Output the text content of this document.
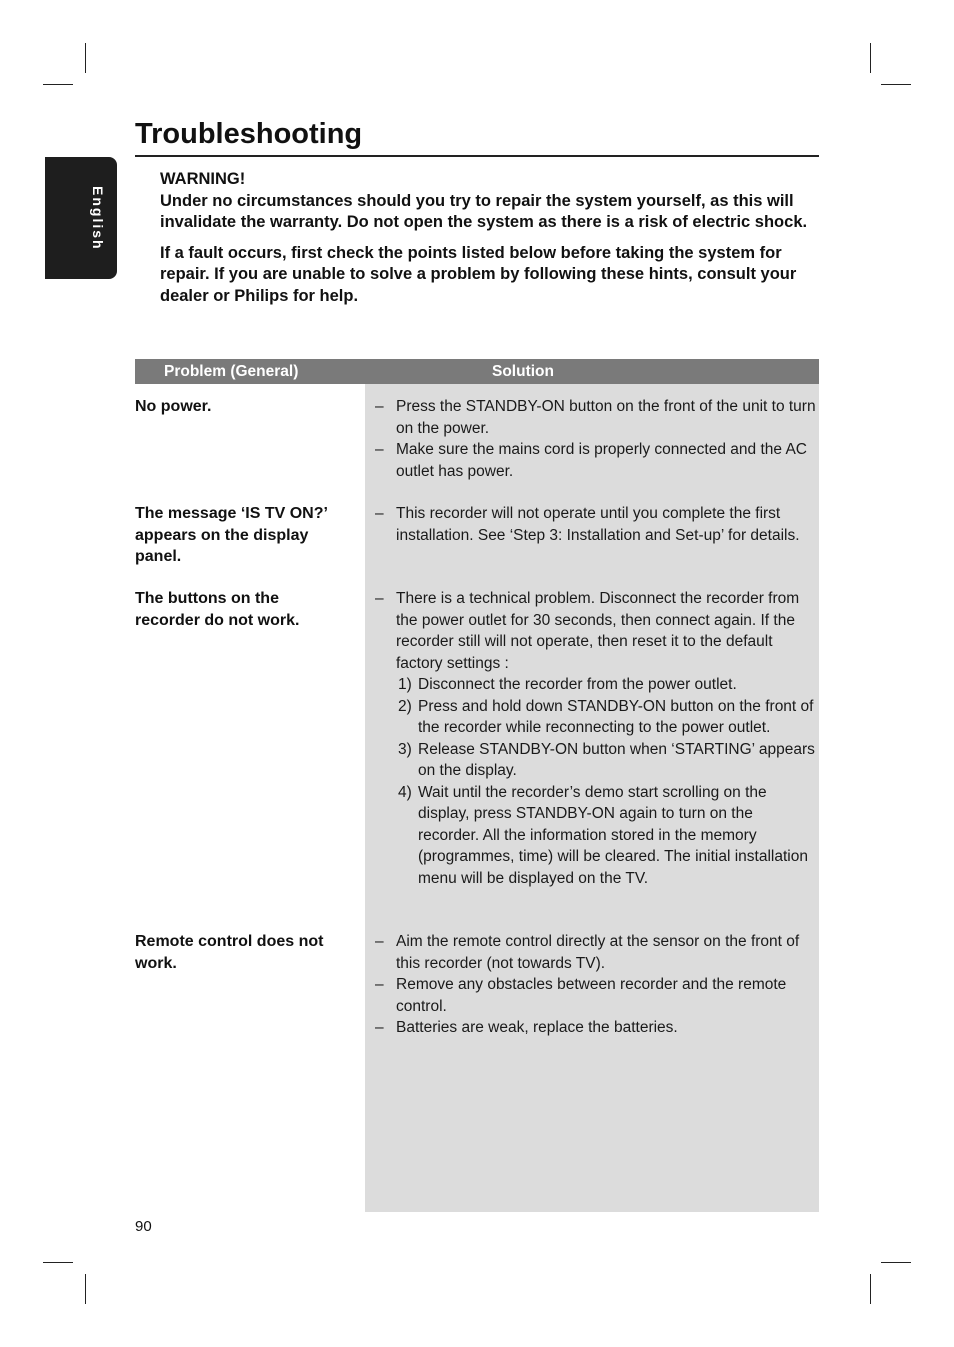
English
Troubleshooting

WARNING!

Under no circumstances should you try to repair the system yourself, as this will invalidate the warranty. Do not open the system as there is a risk of electric shock.

If a fault occurs, first check the points listed below before taking the system for repair. If you are unable to solve a problem by following these hints, consult your dealer or Philips for help.

Problem (General)	Solution

No power.

–	Press the STANDBY-ON button on the front of the unit to turn on the power.
– Make sure the mains cord is properly connected and the AC outlet has power.

The message ‘IS TV ON?’ appears on the display panel.

– This recorder will not operate until you complete the first installation. See ‘Step 3: Installation and Set-up’ for details.

The buttons on the recorder do not work.

– There is a technical problem. Disconnect the recorder from the power outlet for 30 seconds, then connect again. If the recorder still will not operate, then reset it to the default factory settings :
1) Disconnect the recorder from the power outlet.
2) Press and hold down STANDBY-ON button on the front of the recorder while reconnecting to the power outlet.
3) Release STANDBY-ON button when ‘STARTING’ appears on the display.
4) Wait until the recorder’s demo start scrolling on the display, press STANDBY-ON again to turn on the recorder. All the information stored in the memory (programmes, time) will be cleared. The initial installation menu will be displayed on the TV.

Remote control does not work.

– Aim the remote control directly at the sensor on the front of this recorder (not towards TV).
– Remove any obstacles between recorder and the remote control.
– Batteries are weak, replace the batteries.
90
